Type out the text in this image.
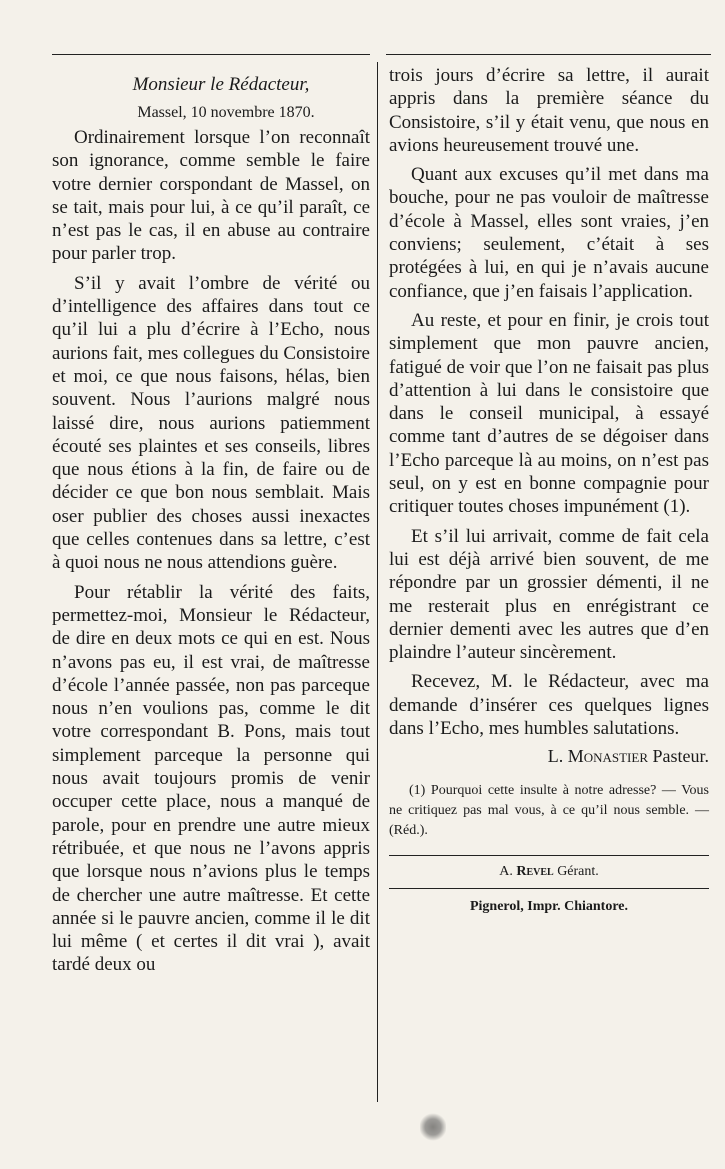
Monsieur le Rédacteur,
Massel, 10 novembre 1870.

Ordinairement lorsque l’on reconnaît son ignorance, comme semble le faire votre dernier corspondant de Massel, on se tait, mais pour lui, à ce qu’il paraît, ce n’est pas le cas, il en abuse au contraire pour parler trop.

S’il y avait l’ombre de vérité ou d’intelligence des affaires dans tout ce qu’il lui a plu d’écrire à l’Echo, nous aurions fait, mes collegues du Consistoire et moi, ce que nous faisons, hélas, bien souvent. Nous l’aurions malgré nous laissé dire, nous aurions patiemment écouté ses plaintes et ses conseils, libres que nous étions à la fin, de faire ou de décider ce que bon nous semblait. Mais oser publier des choses aussi inexactes que celles contenues dans sa lettre, c’est à quoi nous ne nous attendions guère.

Pour rétablir la vérité des faits, permettez-moi, Monsieur le Rédacteur, de dire en deux mots ce qui en est. Nous n’avons pas eu, il est vrai, de maîtresse d’école l’année passée, non pas parceque nous n’en voulions pas, comme le dit votre correspondant B. Pons, mais tout simplement parceque la personne qui nous avait toujours promis de venir occuper cette place, nous a manqué de parole, pour en prendre une autre mieux rétribuée, et que nous ne l’avons appris que lorsque nous n’avions plus le temps de chercher une autre maîtresse. Et cette année si le pauvre ancien, comme il le dit lui même ( et certes il dit vrai ), avait tardé deux ou

trois jours d’écrire sa lettre, il aurait appris dans la première séance du Consistoire, s’il y était venu, que nous en avions heureusement trouvé une.

Quant aux excuses qu’il met dans ma bouche, pour ne pas vouloir de maîtresse d’école à Massel, elles sont vraies, j’en conviens; seulement, c’était à ses protégées à lui, en qui je n’avais aucune confiance, que j’en faisais l’application.

Au reste, et pour en finir, je crois tout simplement que mon pauvre ancien, fatigué de voir que l’on ne faisait pas plus d’attention à lui dans le consistoire que dans le conseil municipal, à essayé comme tant d’autres de se dégoiser dans l’Echo parceque là au moins, on n’est pas seul, on y est en bonne compagnie pour critiquer toutes choses impunément (1).

Et s’il lui arrivait, comme de fait cela lui est déjà arrivé bien souvent, de me répondre par un grossier démenti, il ne me resterait plus en enrégistrant ce dernier dementi avec les autres que d’en plaindre l’auteur sincèrement.

Recevez, M. le Rédacteur, avec ma demande d’insérer ces quelques lignes dans l’Echo, mes humbles salutations.

L. Monastier Pasteur.
(1) Pourquoi cette insulte à notre adresse? — Vous ne critiquez pas mal vous, à ce qu’il nous semble. — (Réd.).
A. Revel Gérant.
Pignerol, Impr. Chiantore.
